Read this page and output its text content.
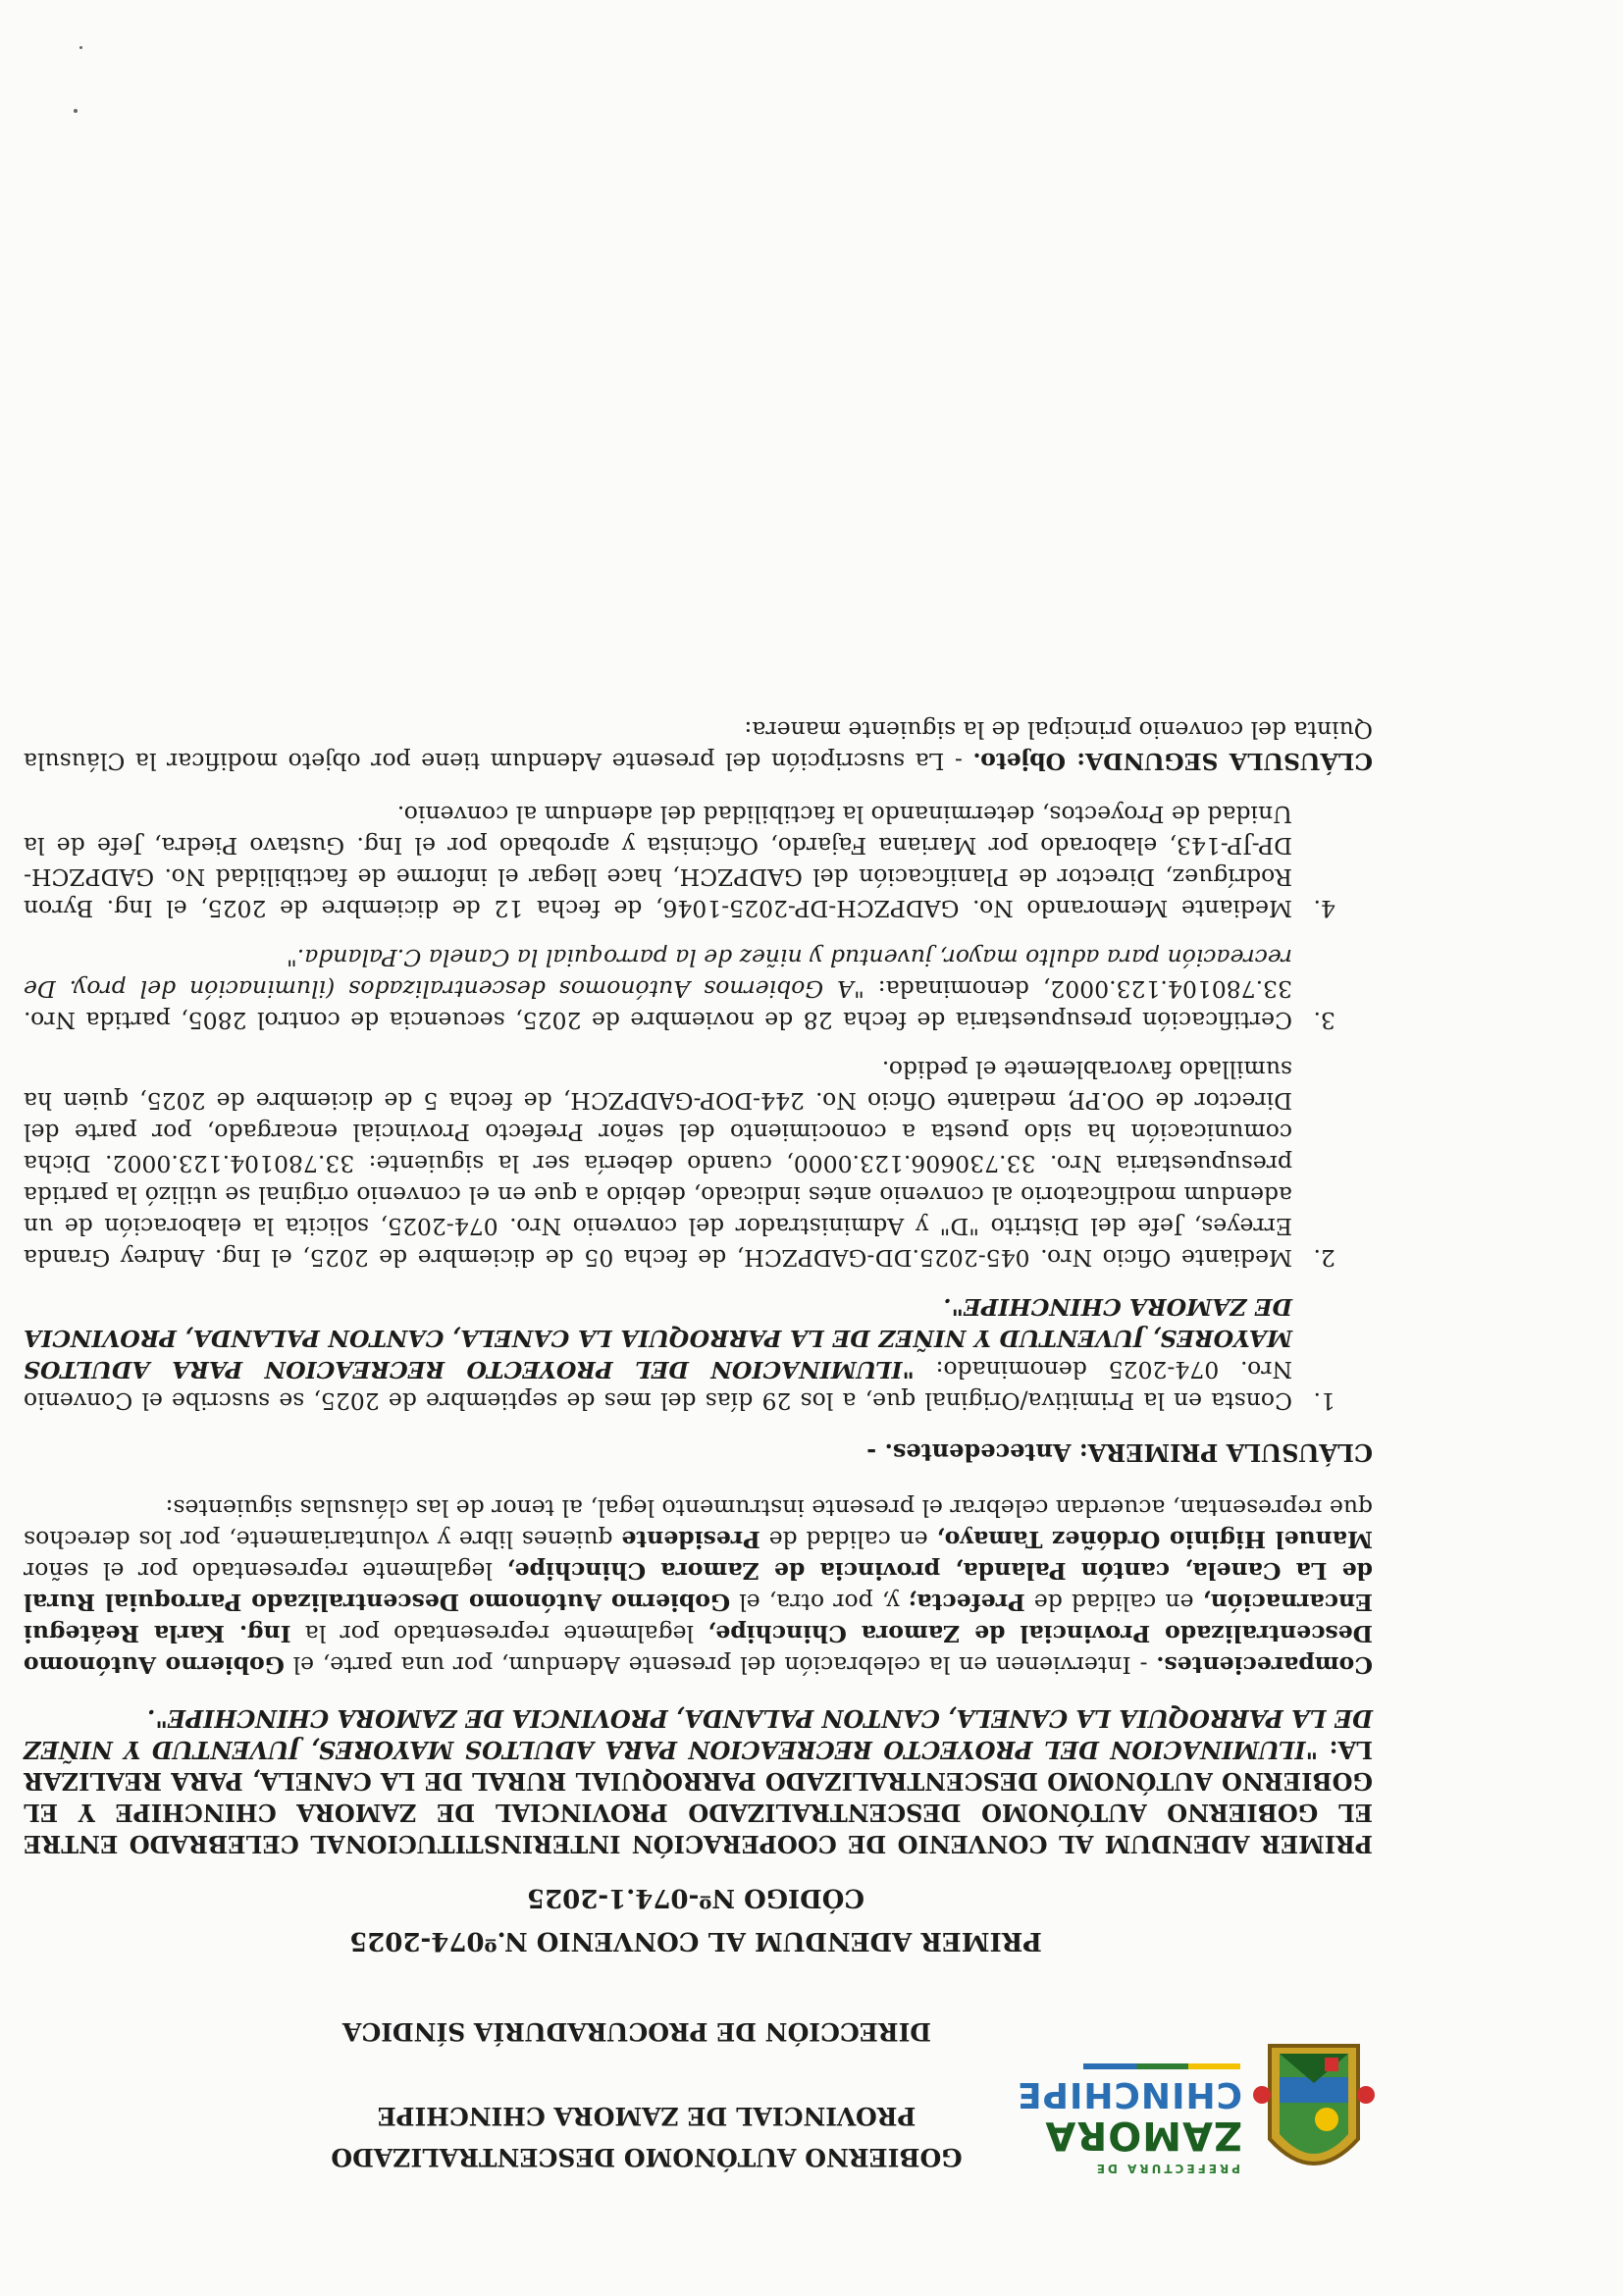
PREFECTURA DE
ZAMORA
CHINCHIPE
GOBIERNO AUTÓNOMO DESCENTRALIZADO
PROVINCIAL DE ZAMORA CHINCHIPE
DIRECCIÓN DE PROCURADURÍA SÍNDICA
PRIMER ADENDUM AL CONVENIO N.º074-2025
CÓDIGO Nº-074.1-2025
PRIMER ADENDUM AL CONVENIO DE COOPERACIÓN INTERINSTITUCIONAL CELEBRADO ENTRE EL GOBIERNO AUTÓNOMO DESCENTRALIZADO PROVINCIAL DE ZAMORA CHINCHIPE Y EL GOBIERNO AUTÓNOMO DESCENTRALIZADO PARROQUIAL RURAL DE LA CANELA, PARA REALIZAR LA: "ILUMINACION DEL PROYECTO RECREACION PARA ADULTOS MAYORES, JUVENTUD Y NIÑEZ DE LA PARROQUIA LA CANELA, CANTON PALANDA, PROVINCIA DE ZAMORA CHINCHIPE".

Comparecientes. - Intervienen en la celebración del presente Adendum, por una parte, el Gobierno Autónomo Descentralizado Provincial de Zamora Chinchipe, legalmente representado por la Ing. Karla Reátegui Encarnación, en calidad de Prefecta; y, por otra, el Gobierno Autónomo Descentralizado Parroquial Rural de La Canela, cantón Palanda, provincia de Zamora Chinchipe, legalmente representado por el señor Manuel Higinio Ordóñez Tamayo, en calidad de Presidente quienes libre y voluntariamente, por los derechos que representan, acuerdan celebrar el presente instrumento legal, al tenor de las cláusulas siguientes:

CLÁUSULA PRIMERA: Antecedentes. -
1. Consta en la Primitiva/Original que, a los 29 días del mes de septiembre de 2025, se suscribe el Convenio Nro. 074-2025 denominado: "ILUMINACION DEL PROYECTO RECREACION PARA ADULTOS MAYORES, JUVENTUD Y NIÑEZ DE LA PARROQUIA LA CANELA, CANTON PALANDA, PROVINCIA DE ZAMORA CHINCHIPE".
2. Mediante Oficio Nro. 045-2025.DD-GADPZCH, de fecha 05 de diciembre de 2025, el Ing. Andrey Granda Erreyes, Jefe del Distrito "D" y Administrador del convenio Nro. 074-2025, solicita la elaboración de un adendum modificatorio al convenio antes indicado, debido a que en el convenio original se utilizó la partida presupuestaria Nro. 33.730606.123.0000, cuando debería ser la siguiente: 33.780104.123.0002. Dicha comunicación ha sido puesta a conocimiento del señor Prefecto Provincial encargado, por parte del Director de OO.PP, mediante Oficio No. 244-DOP-GADPZCH, de fecha 5 de diciembre de 2025, quien ha sumillado favorablemete el pedido.
3. Certificación presupuestaria de fecha 28 de noviembre de 2025, secuencia de control 2805, partida Nro. 33.780104.123.0002, denominada: "A Gobiernos Autónomos descentralizados (iluminación del proy. De recreación para adulto mayor, juventud y niñez de la parroquial la Canela C.Palanda."
4. Mediante Memorando No. GADPZCH-DP-2025-1046, de fecha 12 de diciembre de 2025, el Ing. Byron Rodríguez, Director de Planificación del GADPZCH, hace llegar el informe de factibilidad No. GADPZCH-DP-JP-143, elaborado por Mariana Fajardo, Oficinista y aprobado por el Ing. Gustavo Piedra, Jefe de la Unidad de Proyectos, determinando la factibilidad del adendum al convenio.

CLÁUSULA SEGUNDA: Objeto. - La suscripción del presente Adendum tiene por objeto modificar la Cláusula Quinta del convenio principal de la siguiente manera:
